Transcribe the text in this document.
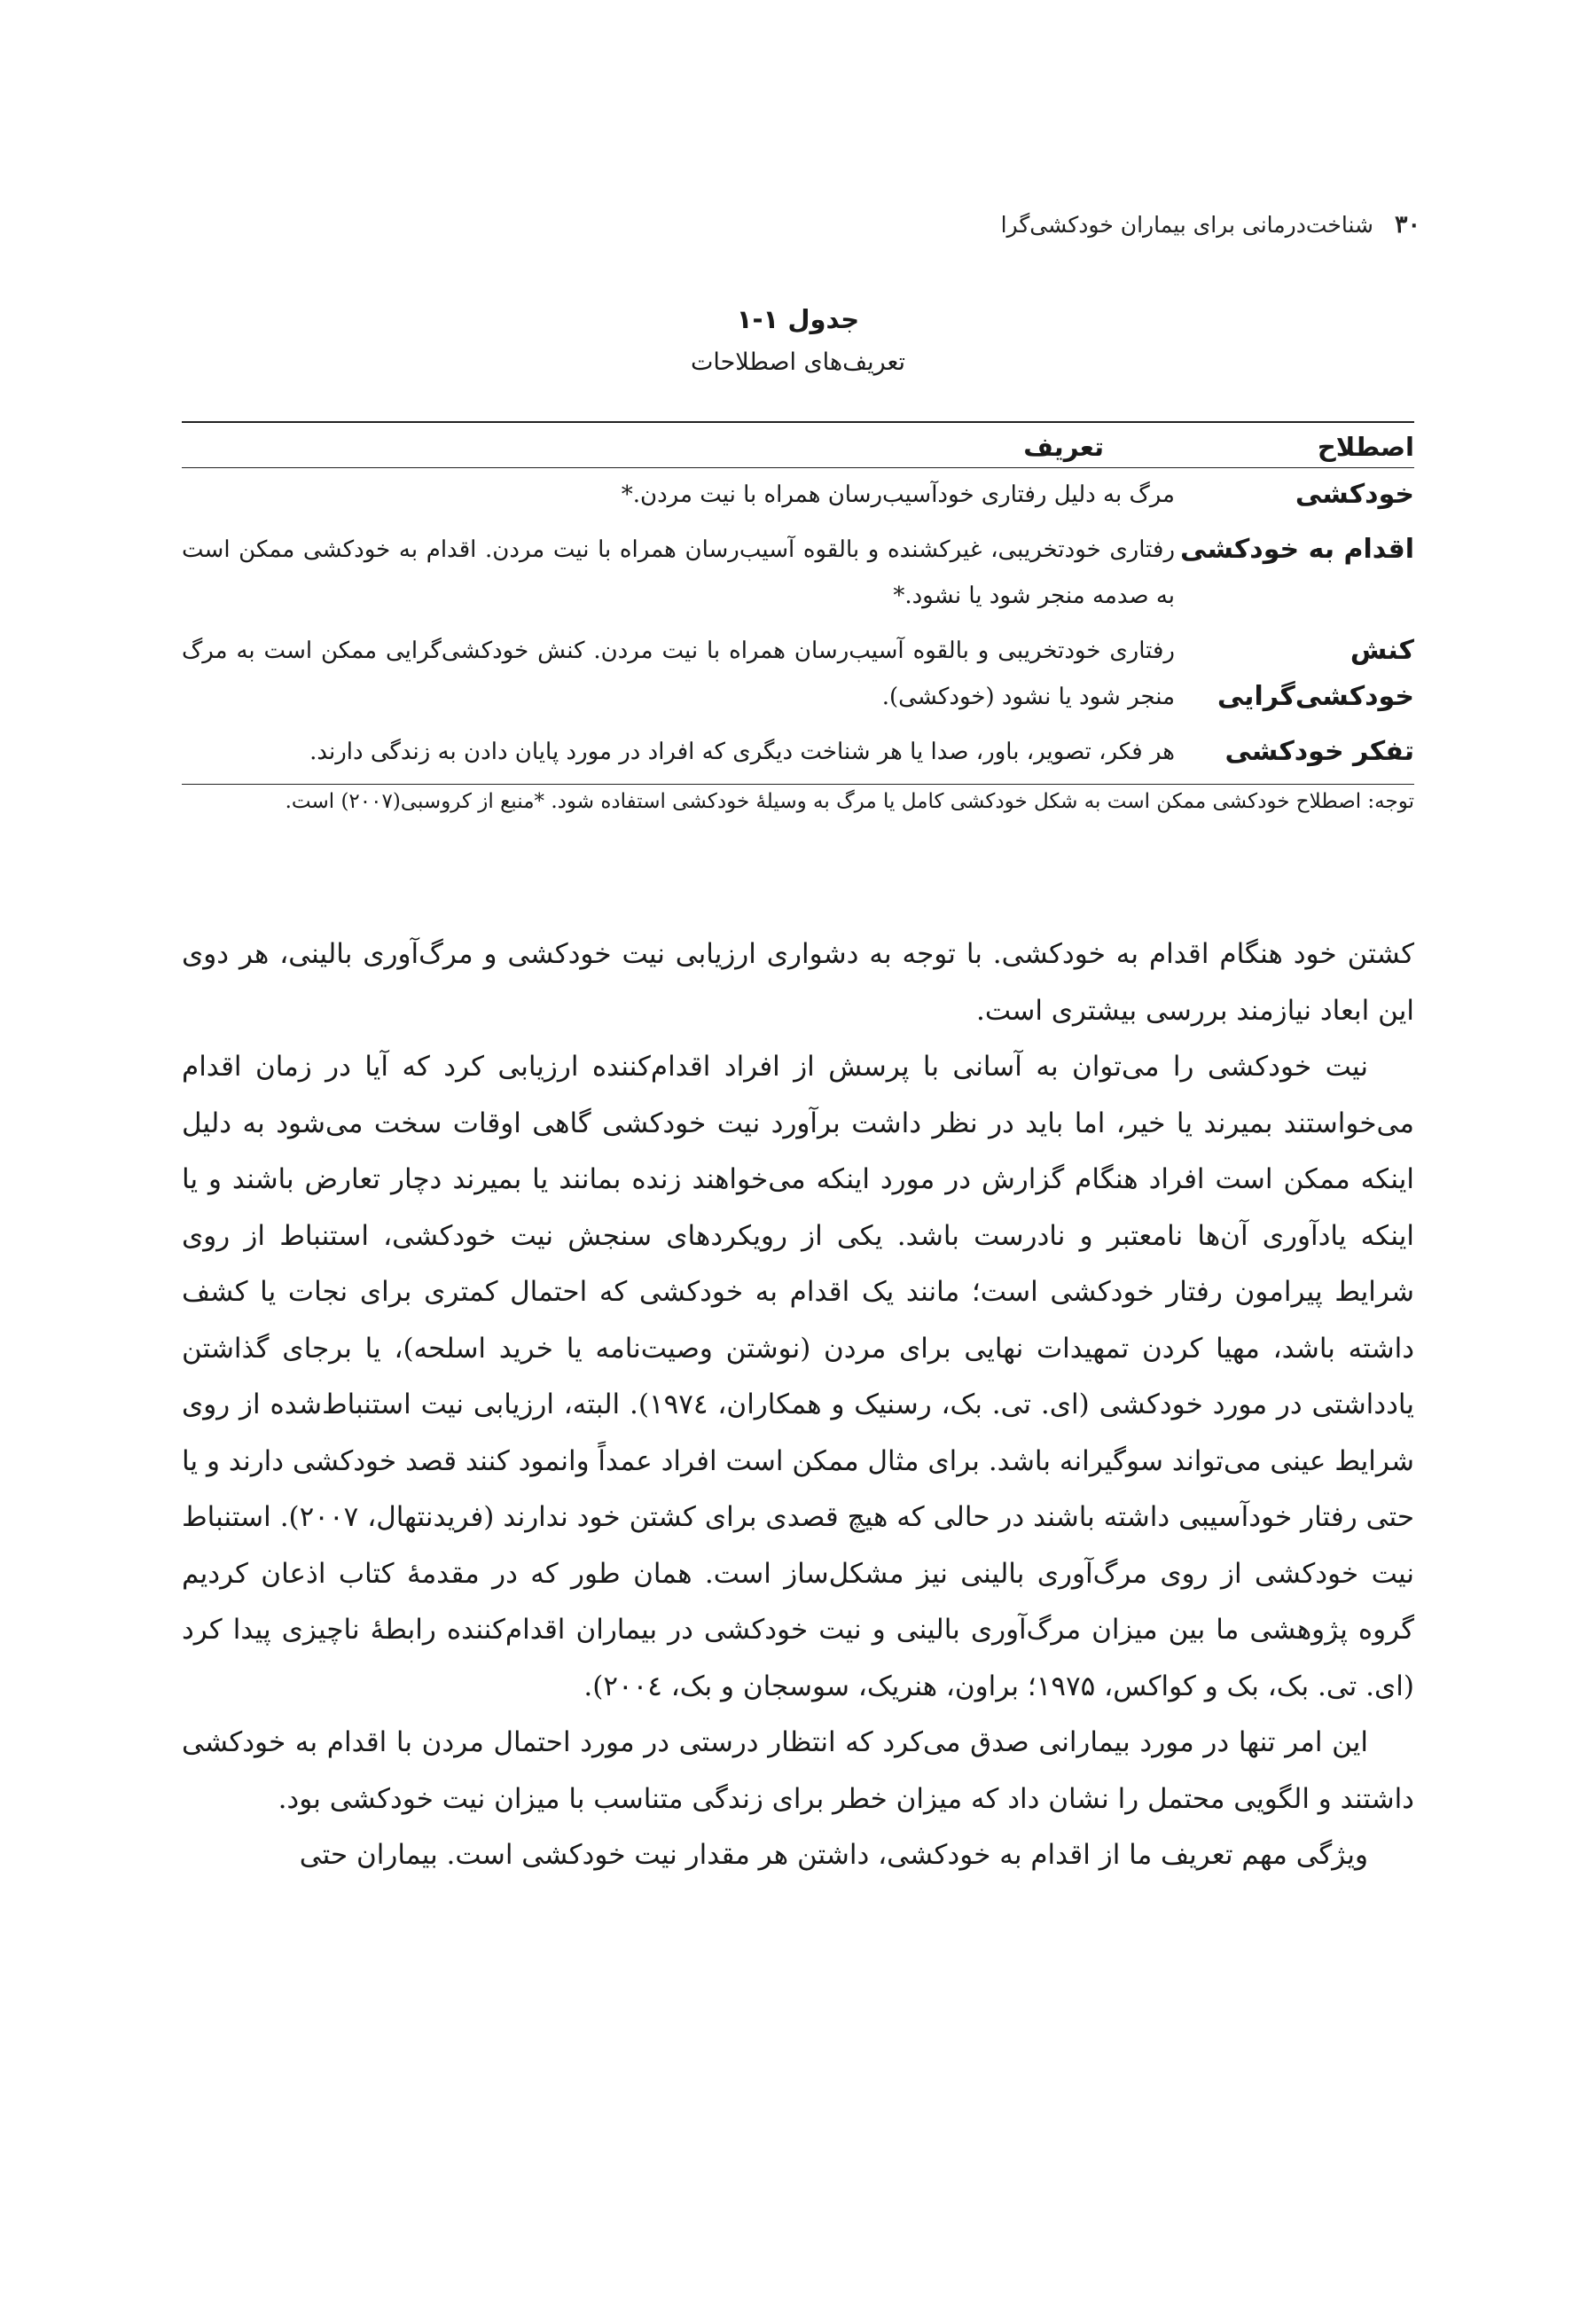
۳۰
شناخت‌درمانی برای بیماران خودکشی‌گرا
جدول ۱-۱
تعریف‌های اصطلاحات
اصطلاح	تعریف
خودکشی	مرگ به دلیل رفتاری خودآسیب‌رسان همراه با نیت مردن.*
اقدام به خودکشی	رفتاری خودتخریبی، غیرکشنده و بالقوه آسیب‌رسان همراه با نیت مردن. اقدام به خودکشی ممکن است به صدمه منجر شود یا نشود.*
کنش خودکشی‌گرایی	رفتاری خودتخریبی و بالقوه آسیب‌رسان همراه با نیت مردن. کنش خودکشی‌گرایی ممکن است به مرگ منجر شود یا نشود (خودکشی).
تفکر خودکشی	هر فکر، تصویر، باور، صدا یا هر شناخت دیگری که افراد در مورد پایان دادن به زندگی دارند.
توجه: اصطلاح خودکشی ممکن است به شکل خودکشی کامل یا مرگ به وسیلهٔ خودکشی استفاده شود. *منبع از کروسبی(۲۰۰۷) است.

کشتن خود هنگام اقدام به خودکشی. با توجه به دشواری ارزیابی نیت خودکشی و مرگ‌آوری بالینی، هر دوی این ابعاد نیازمند بررسی بیشتری است.

نیت خودکشی را می‌توان به آسانی با پرسش از افراد اقدام‌کننده ارزیابی کرد که آیا در زمان اقدام می‌خواستند بمیرند یا خیر، اما باید در نظر داشت برآورد نیت خودکشی گاهی اوقات سخت می‌شود به دلیل اینکه ممکن است افراد هنگام گزارش در مورد اینکه می‌خواهند زنده بمانند یا بمیرند دچار تعارض باشند و یا اینکه یادآوری آن‌ها نامعتبر و نادرست باشد. یکی از رویکردهای سنجش نیت خودکشی، استنباط از روی شرایط پیرامون رفتار خودکشی است؛ مانند یک اقدام به خودکشی که احتمال کمتری برای نجات یا کشف داشته باشد، مهیا کردن تمهیدات نهایی برای مردن (نوشتن وصیت‌نامه یا خرید اسلحه)، یا برجای گذاشتن یادداشتی در مورد خودکشی (ای. تی. بک، رسنیک و همکاران، ۱۹۷٤). البته، ارزیابی نیت استنباط‌شده از روی شرایط عینی می‌تواند سوگیرانه باشد. برای مثال ممکن است افراد عمداً وانمود کنند قصد خودکشی دارند و یا حتی رفتار خودآسیبی داشته باشند در حالی که هیچ قصدی برای کشتن خود ندارند (فریدنتهال، ۲۰۰۷). استنباط نیت خودکشی از روی مرگ‌آوری بالینی نیز مشکل‌ساز است. همان طور که در مقدمهٔ کتاب اذعان کردیم گروه پژوهشی ما بین میزان مرگ‌آوری بالینی و نیت خودکشی در بیماران اقدام‌کننده رابطهٔ ناچیزی پیدا کرد (ای. تی. بک، بک و کواکس، ۱۹۷۵؛ براون، هنریک، سوسجان و بک، ۲۰۰٤).

این امر تنها در مورد بیمارانی صدق می‌کرد که انتظار درستی در مورد احتمال مردن با اقدام به خودکشی داشتند و الگویی محتمل را نشان داد که میزان خطر برای زندگی متناسب با میزان نیت خودکشی بود.

ویژگی مهم تعریف ما از اقدام به خودکشی، داشتن هر مقدار نیت خودکشی است. بیماران حتی
